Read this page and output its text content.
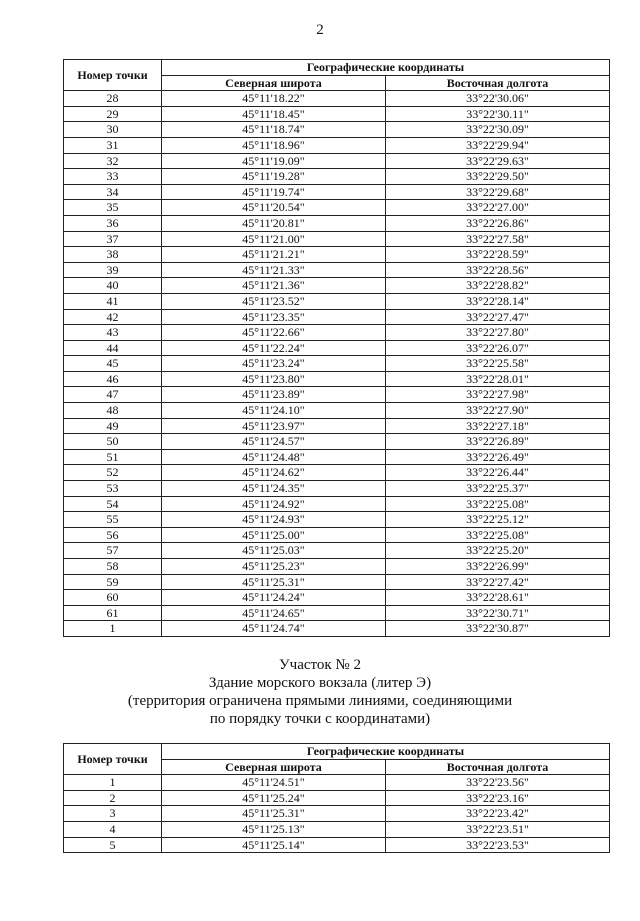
2
Номер точки	Географические координаты	
	Северная широта	Восточная долгота
28	45°11'18.22"	33°22'30.06"
29	45°11'18.45"	33°22'30.11"
30	45°11'18.74"	33°22'30.09"
31	45°11'18.96"	33°22'29.94"
32	45°11'19.09"	33°22'29.63"
33	45°11'19.28"	33°22'29.50"
34	45°11'19.74"	33°22'29.68"
35	45°11'20.54"	33°22'27.00"
36	45°11'20.81"	33°22'26.86"
37	45°11'21.00"	33°22'27.58"
38	45°11'21.21"	33°22'28.59"
39	45°11'21.33"	33°22'28.56"
40	45°11'21.36"	33°22'28.82"
41	45°11'23.52"	33°22'28.14"
42	45°11'23.35"	33°22'27.47"
43	45°11'22.66"	33°22'27.80"
44	45°11'22.24"	33°22'26.07"
45	45°11'23.24"	33°22'25.58"
46	45°11'23.80"	33°22'28.01"
47	45°11'23.89"	33°22'27.98"
48	45°11'24.10"	33°22'27.90"
49	45°11'23.97"	33°22'27.18"
50	45°11'24.57"	33°22'26.89"
51	45°11'24.48"	33°22'26.49"
52	45°11'24.62"	33°22'26.44"
53	45°11'24.35"	33°22'25.37"
54	45°11'24.92"	33°22'25.08"
55	45°11'24.93"	33°22'25.12"
56	45°11'25.00"	33°22'25.08"
57	45°11'25.03"	33°22'25.20"
58	45°11'25.23"	33°22'26.99"
59	45°11'25.31"	33°22'27.42"
60	45°11'24.24"	33°22'28.61"
61	45°11'24.65"	33°22'30.71"
1	45°11'24.74"	33°22'30.87"
Участок № 2
Здание морского вокзала (литер Э)
(территория ограничена прямыми линиями, соединяющими
по порядку точки с координатами)
Номер точки	Географические координаты	
	Северная широта	Восточная долгота
1	45°11'24.51"	33°22'23.56"
2	45°11'25.24"	33°22'23.16"
3	45°11'25.31"	33°22'23.42"
4	45°11'25.13"	33°22'23.51"
5	45°11'25.14"	33°22'23.53"
